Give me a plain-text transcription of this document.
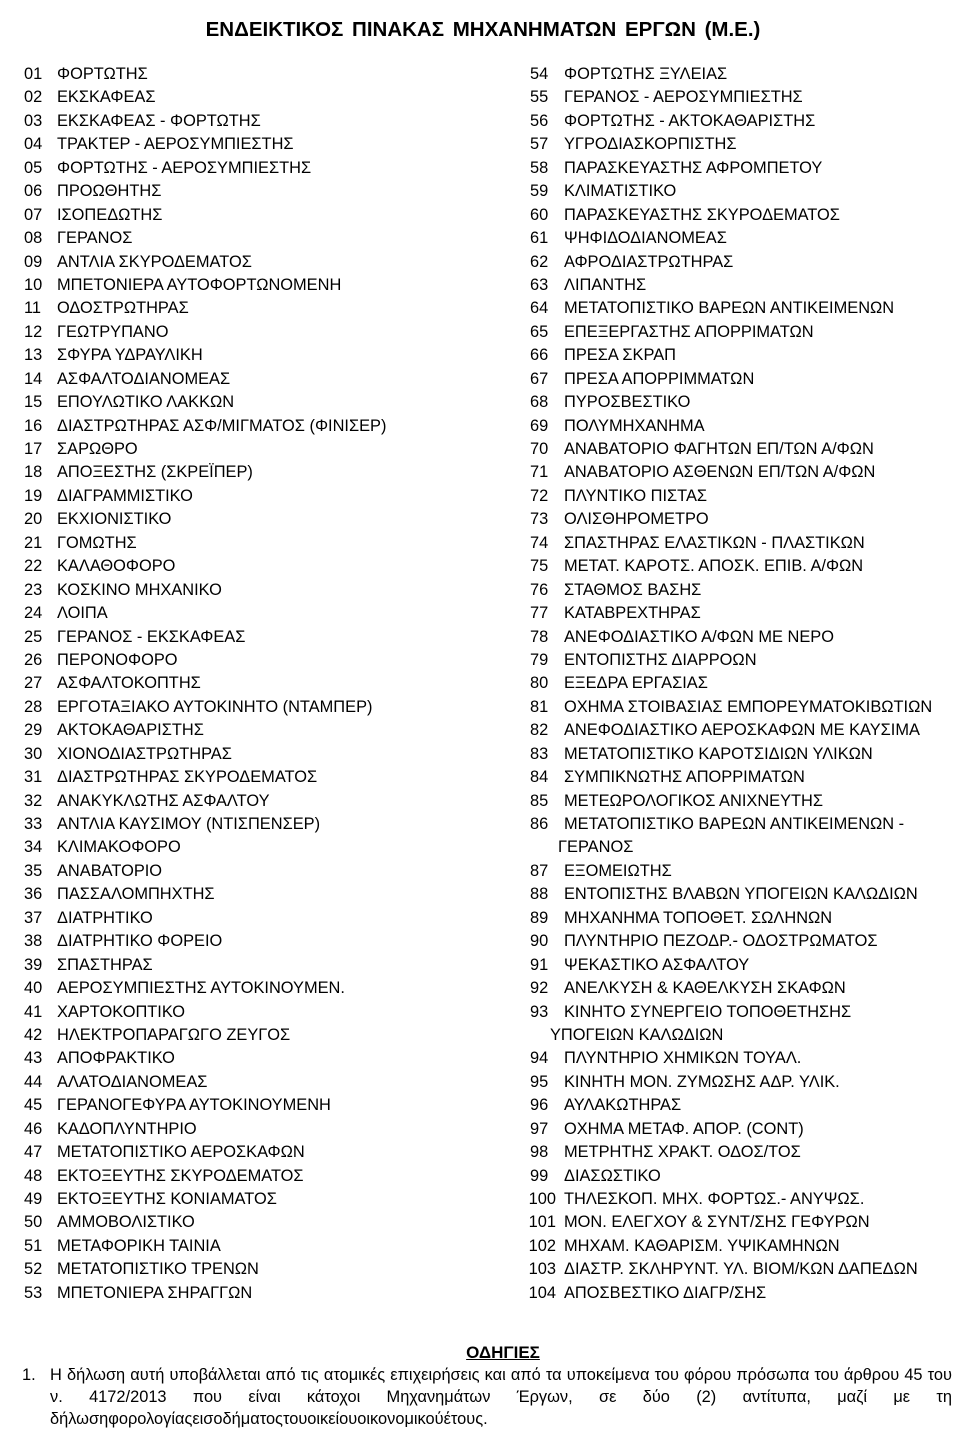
ΕΝΔΕΙΚΤΙΚΟΣ ΠΙΝΑΚΑΣ ΜΗΧΑΝΗΜΑΤΩΝ ΕΡΓΩΝ (Μ.Ε.)
01 ΦΟΡΤΩΤΗΣ
02 ΕΚΣΚΑΦΕΑΣ
03 ΕΚΣΚΑΦΕΑΣ - ΦΟΡΤΩΤΗΣ
04 ΤΡΑΚΤΕΡ - ΑΕΡΟΣΥΜΠΙΕΣΤΗΣ
05 ΦΟΡΤΩΤΗΣ - ΑΕΡΟΣΥΜΠΙΕΣΤΗΣ
06 ΠΡΟΩΘΗΤΗΣ
07 ΙΣΟΠΕΔΩΤΗΣ
08 ΓΕΡΑΝΟΣ
09 ΑΝΤΛΙΑ ΣΚΥΡΟΔΕΜΑΤΟΣ
10 ΜΠΕΤΟΝΙΕΡΑ ΑΥΤΟΦΟΡΤΩΝΟΜΕΝΗ
11 ΟΔΟΣΤΡΩΤΗΡΑΣ
12 ΓΕΩΤΡΥΠΑΝΟ
13 ΣΦΥΡΑ ΥΔΡΑΥΛΙΚΗ
14 ΑΣΦΑΛΤΟΔΙΑΝΟΜΕΑΣ
15 ΕΠΟΥΛΩΤΙΚΟ ΛΑΚΚΩΝ
16 ΔΙΑΣΤΡΩΤΗΡΑΣ ΑΣΦ/ΜΙΓΜΑΤΟΣ (ΦΙΝΙΣΕΡ)
17 ΣΑΡΩΘΡΟ
18 ΑΠΟΞΕΣΤΗΣ (ΣΚΡΕΪΠΕΡ)
19 ΔΙΑΓΡΑΜΜΙΣΤΙΚΟ
20 ΕΚΧΙΟΝΙΣΤΙΚΟ
21 ΓΟΜΩΤΗΣ
22 ΚΑΛΑΘΟΦΟΡΟ
23 ΚΟΣΚΙΝΟ ΜΗΧΑΝΙΚΟ
24 ΛΟΙΠΑ
25 ΓΕΡΑΝΟΣ - ΕΚΣΚΑΦΕΑΣ
26 ΠΕΡΟΝΟΦΟΡΟ
27 ΑΣΦΑΛΤΟΚΟΠΤΗΣ
28 ΕΡΓΟΤΑΞΙΑΚΟ ΑΥΤΟΚΙΝΗΤΟ (ΝΤΑΜΠΕΡ)
29 ΑΚΤΟΚΑΘΑΡΙΣΤΗΣ
30 ΧΙΟΝΟΔΙΑΣΤΡΩΤΗΡΑΣ
31 ΔΙΑΣΤΡΩΤΗΡΑΣ ΣΚΥΡΟΔΕΜΑΤΟΣ
32 ΑΝΑΚΥΚΛΩΤΗΣ ΑΣΦΑΛΤΟΥ
33 ΑΝΤΛΙΑ ΚΑΥΣΙΜΟΥ (ΝΤΙΣΠΕΝΣΕΡ)
34 ΚΛΙΜΑΚΟΦΟΡΟ
35 ΑΝΑΒΑΤΟΡΙΟ
36 ΠΑΣΣΑΛΟΜΠΗΧΤΗΣ
37 ΔΙΑΤΡΗΤΙΚΟ
38 ΔΙΑΤΡΗΤΙΚΟ ΦΟΡΕΙΟ
39 ΣΠΑΣΤΗΡΑΣ
40 ΑΕΡΟΣΥΜΠΙΕΣΤΗΣ ΑΥΤΟΚΙΝΟΥΜΕΝ.
41 ΧΑΡΤΟΚΟΠΤΙΚΟ
42 ΗΛΕΚΤΡΟΠΑΡΑΓΩΓΟ ΖΕΥΓΟΣ
43 ΑΠΟΦΡΑΚΤΙΚΟ
44 ΑΛΑΤΟΔΙΑΝΟΜΕΑΣ
45 ΓΕΡΑΝΟΓΕΦΥΡΑ ΑΥΤΟΚΙΝΟΥΜΕΝΗ
46 ΚΑΔΟΠΛΥΝΤΗΡΙΟ
47 ΜΕΤΑΤΟΠΙΣΤΙΚΟ ΑΕΡΟΣΚΑΦΩΝ
48 ΕΚΤΟΞΕΥΤΗΣ ΣΚΥΡΟΔΕΜΑΤΟΣ
49 ΕΚΤΟΞΕΥΤΗΣ ΚΟΝΙΑΜΑΤΟΣ
50 ΑΜΜΟΒΟΛΙΣΤΙΚΟ
51 ΜΕΤΑΦΟΡΙΚΗ ΤΑΙΝΙΑ
52 ΜΕΤΑΤΟΠΙΣΤΙΚΟ ΤΡΕΝΩΝ
53 ΜΠΕΤΟΝΙΕΡΑ ΣΗΡΑΓΓΩΝ
54 ΦΟΡΤΩΤΗΣ ΞΥΛΕΙΑΣ
55 ΓΕΡΑΝΟΣ - ΑΕΡΟΣΥΜΠΙΕΣΤΗΣ
56 ΦΟΡΤΩΤΗΣ - ΑΚΤΟΚΑΘΑΡΙΣΤΗΣ
57 ΥΓΡΟΔΙΑΣΚΟΡΠΙΣΤΗΣ
58 ΠΑΡΑΣΚΕΥΑΣΤΗΣ ΑΦΡΟΜΠΕΤΟΥ
59 ΚΛΙΜΑΤΙΣΤΙΚΟ
60 ΠΑΡΑΣΚΕΥΑΣΤΗΣ ΣΚΥΡΟΔΕΜΑΤΟΣ
61 ΨΗΦΙΔΟΔΙΑΝΟΜΕΑΣ
62 ΑΦΡΟΔΙΑΣΤΡΩΤΗΡΑΣ
63 ΛΙΠΑΝΤΗΣ
64 ΜΕΤΑΤΟΠΙΣΤΙΚΟ ΒΑΡΕΩΝ ΑΝΤΙΚΕΙΜΕΝΩΝ
65 ΕΠΕΞΕΡΓΑΣΤΗΣ ΑΠΟΡΡΙΜΑΤΩΝ
66 ΠΡΕΣΑ ΣΚΡΑΠ
67 ΠΡΕΣΑ ΑΠΟΡΡΙΜΜΑΤΩΝ
68 ΠΥΡΟΣΒΕΣΤΙΚΟ
69 ΠΟΛΥΜΗΧΑΝΗΜΑ
70 ΑΝΑΒΑΤΟΡΙΟ ΦΑΓΗΤΩΝ ΕΠ/ΤΩΝ Α/ΦΩΝ
71 ΑΝΑΒΑΤΟΡΙΟ ΑΣΘΕΝΩΝ ΕΠ/ΤΩΝ Α/ΦΩΝ
72 ΠΛΥΝΤΙΚΟ ΠΙΣΤΑΣ
73 ΟΛΙΣΘΗΡΟΜΕΤΡΟ
74 ΣΠΑΣΤΗΡΑΣ ΕΛΑΣΤΙΚΩΝ - ΠΛΑΣΤΙΚΩΝ
75 ΜΕΤΑΤ. ΚΑΡΟΤΣ. ΑΠΟΣΚ. ΕΠΙΒ. Α/ΦΩΝ
76 ΣΤΑΘΜΟΣ ΒΑΣΗΣ
77 ΚΑΤΑΒΡΕΧΤΗΡΑΣ
78 ΑΝΕΦΟΔΙΑΣΤΙΚΟ Α/ΦΩΝ ΜΕ ΝΕΡΟ
79 ΕΝΤΟΠΙΣΤΗΣ ΔΙΑΡΡΟΩΝ
80 ΕΞΕΔΡΑ ΕΡΓΑΣΙΑΣ
81 ΟΧΗΜΑ ΣΤΟΙΒΑΣΙΑΣ ΕΜΠΟΡΕΥΜΑΤΟΚΙΒΩΤΙΩΝ
82 ΑΝΕΦΟΔΙΑΣΤΙΚΟ ΑΕΡΟΣΚΑΦΩΝ ΜΕ ΚΑΥΣΙΜΑ
83 ΜΕΤΑΤΟΠΙΣΤΙΚΟ ΚΑΡΟΤΣΙΔΙΩΝ ΥΛΙΚΩΝ
84 ΣΥΜΠΙΚΝΩΤΗΣ ΑΠΟΡΡΙΜΑΤΩΝ
85 ΜΕΤΕΩΡΟΛΟΓΙΚΟΣ ΑΝΙΧΝΕΥΤΗΣ
86 ΜΕΤΑΤΟΠΙΣΤΙΚΟ ΒΑΡΕΩΝ ΑΝΤΙΚΕΙΜΕΝΩΝ -
ΓΕΡΑΝΟΣ
87 ΕΞΟΜΕΙΩΤΗΣ
88 ΕΝΤΟΠΙΣΤΗΣ ΒΛΑΒΩΝ ΥΠΟΓΕΙΩΝ ΚΑΛΩΔΙΩΝ
89 ΜΗΧΑΝΗΜΑ ΤΟΠΟΘΕΤ. ΣΩΛΗΝΩΝ
90 ΠΛΥΝΤΗΡΙΟ ΠΕΖΟΔΡ.- ΟΔΟΣΤΡΩΜΑΤΟΣ
91 ΨΕΚΑΣΤΙΚΟ ΑΣΦΑΛΤΟΥ
92 ΑΝΕΛΚΥΣΗ & ΚΑΘΕΛΚΥΣΗ ΣΚΑΦΩΝ
93 ΚΙΝΗΤΟ ΣΥΝΕΡΓΕΙΟ ΤΟΠΟΘΕΤΗΣΗΣ
ΥΠΟΓΕΙΩΝ ΚΑΛΩΔΙΩΝ
94 ΠΛΥΝΤΗΡΙΟ ΧΗΜΙΚΩΝ ΤΟΥΑΛ.
95 ΚΙΝΗΤΗ ΜΟΝ. ΖΥΜΩΣΗΣ ΑΔΡ. ΥΛΙΚ.
96 ΑΥΛΑΚΩΤΗΡΑΣ
97 ΟΧΗΜΑ ΜΕΤΑΦ. ΑΠΟΡ. (CONT)
98 ΜΕΤΡΗΤΗΣ ΧΡΑΚΤ. ΟΔΟΣ/ΤΟΣ
99 ΔΙΑΣΩΣΤΙΚΟ
100 ΤΗΛΕΣΚΟΠ. ΜΗΧ. ΦΟΡΤΩΣ.- ΑΝΥΨΩΣ.
101 ΜΟΝ. ΕΛΕΓΧΟΥ & ΣΥΝΤ/ΣΗΣ ΓΕΦΥΡΩΝ
102 ΜΗΧΑΜ. ΚΑΘΑΡΙΣΜ. ΥΨΙΚΑΜΗΝΩΝ
103 ΔΙΑΣΤΡ. ΣΚΛΗΡΥΝΤ. ΥΛ. ΒΙΟΜ/ΚΩΝ ΔΑΠΕΔΩΝ
104 ΑΠΟΣΒΕΣΤΙΚΟ ΔΙΑΓΡ/ΣΗΣ
ΟΔΗΓΙΕΣ
1. Η δήλωση αυτή υποβάλλεται από τις ατομικές επιχειρήσεις και από τα υποκείμενα του φόρου πρόσωπα του άρθρου 45 του ν. 4172/2013 που είναι κάτοχοι Μηχανημάτων Έργων, σε δύο (2) αντίτυπα, μαζί με τη δήλωσηφορολογίαςεισοδήματοςτουοικείουοικονομικούέτους.
